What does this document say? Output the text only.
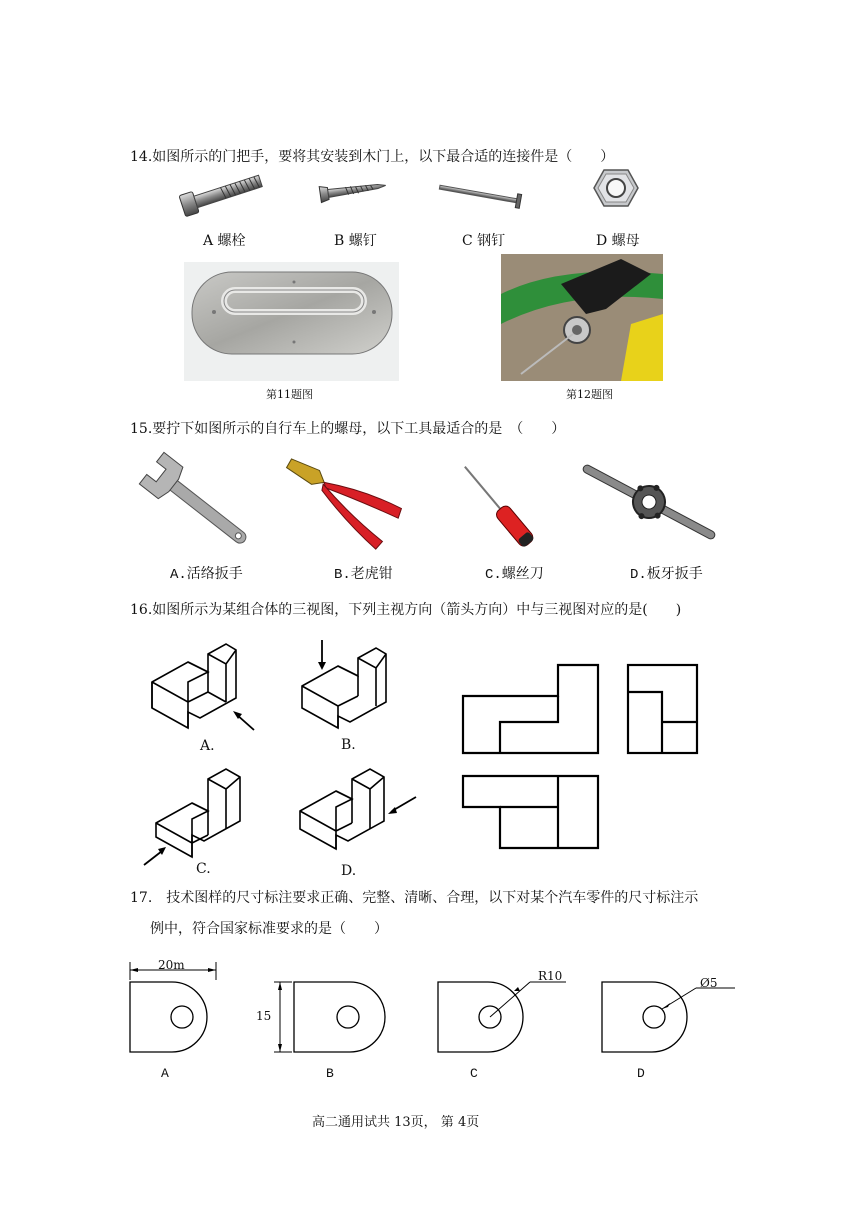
14.如图所示的门把手，要将其安装到木门上，以下最合适的连接件是（　　）
A 螺栓	B 螺钉	C 钢钉	D 螺母
第11题图	第12题图
15.要拧下如图所示的自行车上的螺母，以下工具最适合的是　（　　）
A.活络扳手	B.老虎钳	C.螺丝刀	D.板牙扳手
16.如图所示为某组合体的三视图，下列主视方向（箭头方向）中与三视图对应的是(　　)
A.	B.
C.	D.
17.　技术图样的尺寸标注要求正确、完整、清晰、合理，以下对某个汽车零件的尺寸标注示
例中，符合国家标准要求的是（　　）
20m
A
15
B
R10
C
Ø5
D
高二通用试共 13页， 第 4页
